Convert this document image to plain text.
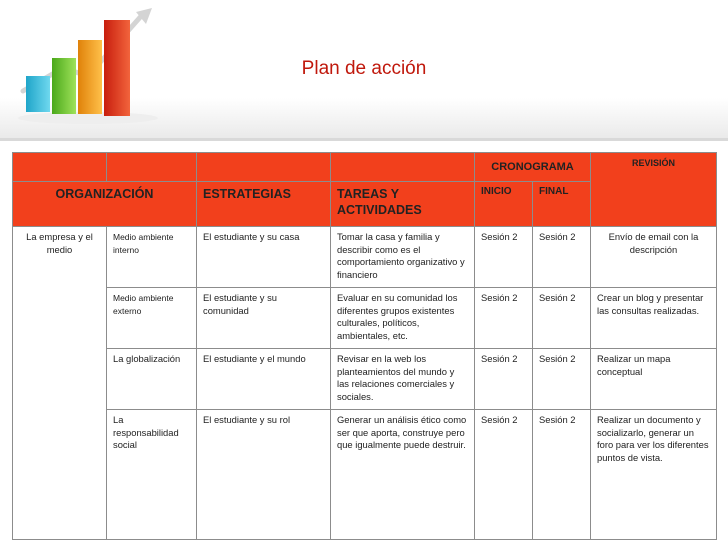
Plan de acción
				CRONOGRAMA		REVISIÓN
ORGANIZACIÓN		ESTRATEGIAS	TAREAS Y ACTIVIDADES	INICIO	FINAL	
La empresa y el medio	Medio ambiente interno	El estudiante y su casa	Tomar la casa y familia y describir como es el comportamiento organizativo y financiero	Sesión 2	Sesión 2	Envío de email con la descripción
	Medio ambiente externo	El estudiante y su comunidad	Evaluar en su comunidad los diferentes grupos existentes culturales, políticos, ambientales, etc.	Sesión 2	Sesión 2	Crear un blog y presentar las consultas realizadas.
	La globalización	El estudiante y el mundo	Revisar en la web los planteamientos del mundo y las relaciones comerciales y sociales.	Sesión 2	Sesión 2	Realizar un mapa conceptual
	La responsabilidad social	El estudiante y su rol	Generar un análisis ético como ser que aporta, construye pero que igualmente puede destruir.	Sesión 2	Sesión 2	Realizar un documento y socializarlo, generar un foro para ver los diferentes puntos de vista.
